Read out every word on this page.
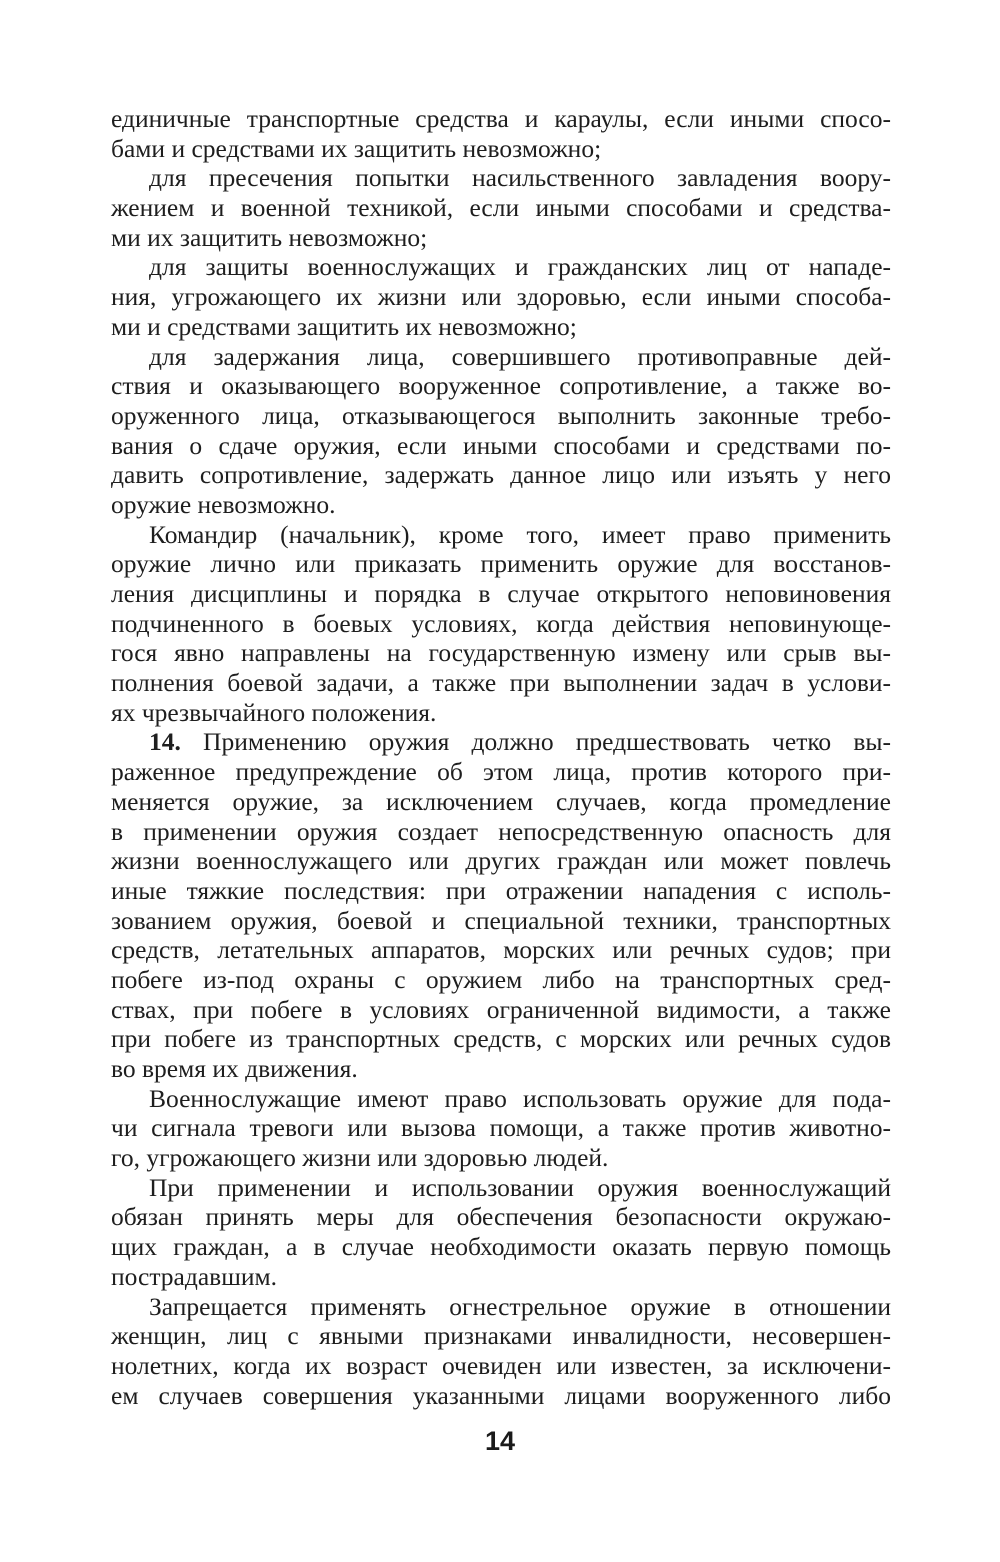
единичные транспортные средства и караулы, если иными спосо-
бами и средствами их защитить невозможно;
для пресечения попытки насильственного завладения воору-
жением и военной техникой, если иными способами и средства-
ми их защитить невозможно;
для защиты военнослужащих и гражданских лиц от нападе-
ния, угрожающего их жизни или здоровью, если иными способа-
ми и средствами защитить их невозможно;
для задержания лица, совершившего противоправные дей-
ствия и оказывающего вооруженное сопротивление, а также во-
оруженного лица, отказывающегося выполнить законные требо-
вания о сдаче оружия, если иными способами и средствами по-
давить сопротивление, задержать данное лицо или изъять у него
оружие невозможно.
Командир (начальник), кроме того, имеет право применить
оружие лично или приказать применить оружие для восстанов-
ления дисциплины и порядка в случае открытого неповиновения
подчиненного в боевых условиях, когда действия неповинующе-
гося явно направлены на государственную измену или срыв вы-
полнения боевой задачи, а также при выполнении задач в услови-
ях чрезвычайного положения.
14. Применению оружия должно предшествовать четко вы-
раженное предупреждение об этом лица, против которого при-
меняется оружие, за исключением случаев, когда промедление
в применении оружия создает непосредственную опасность для
жизни военнослужащего или других граждан или может повлечь
иные тяжкие последствия: при отражении нападения с исполь-
зованием оружия, боевой и специальной техники, транспортных
средств, летательных аппаратов, морских или речных судов; при
побеге из-под охраны с оружием либо на транспортных сред-
ствах, при побеге в условиях ограниченной видимости, а также
при побеге из транспортных средств, с морских или речных судов
во время их движения.
Военнослужащие имеют право использовать оружие для пода-
чи сигнала тревоги или вызова помощи, а также против животно-
го, угрожающего жизни или здоровью людей.
При применении и использовании оружия военнослужащий
обязан принять меры для обеспечения безопасности окружаю-
щих граждан, а в случае необходимости оказать первую помощь
пострадавшим.
Запрещается применять огнестрельное оружие в отношении
женщин, лиц с явными признаками инвалидности, несовершен-
нолетних, когда их возраст очевиден или известен, за исключени-
ем случаев совершения указанными лицами вооруженного либо
14
